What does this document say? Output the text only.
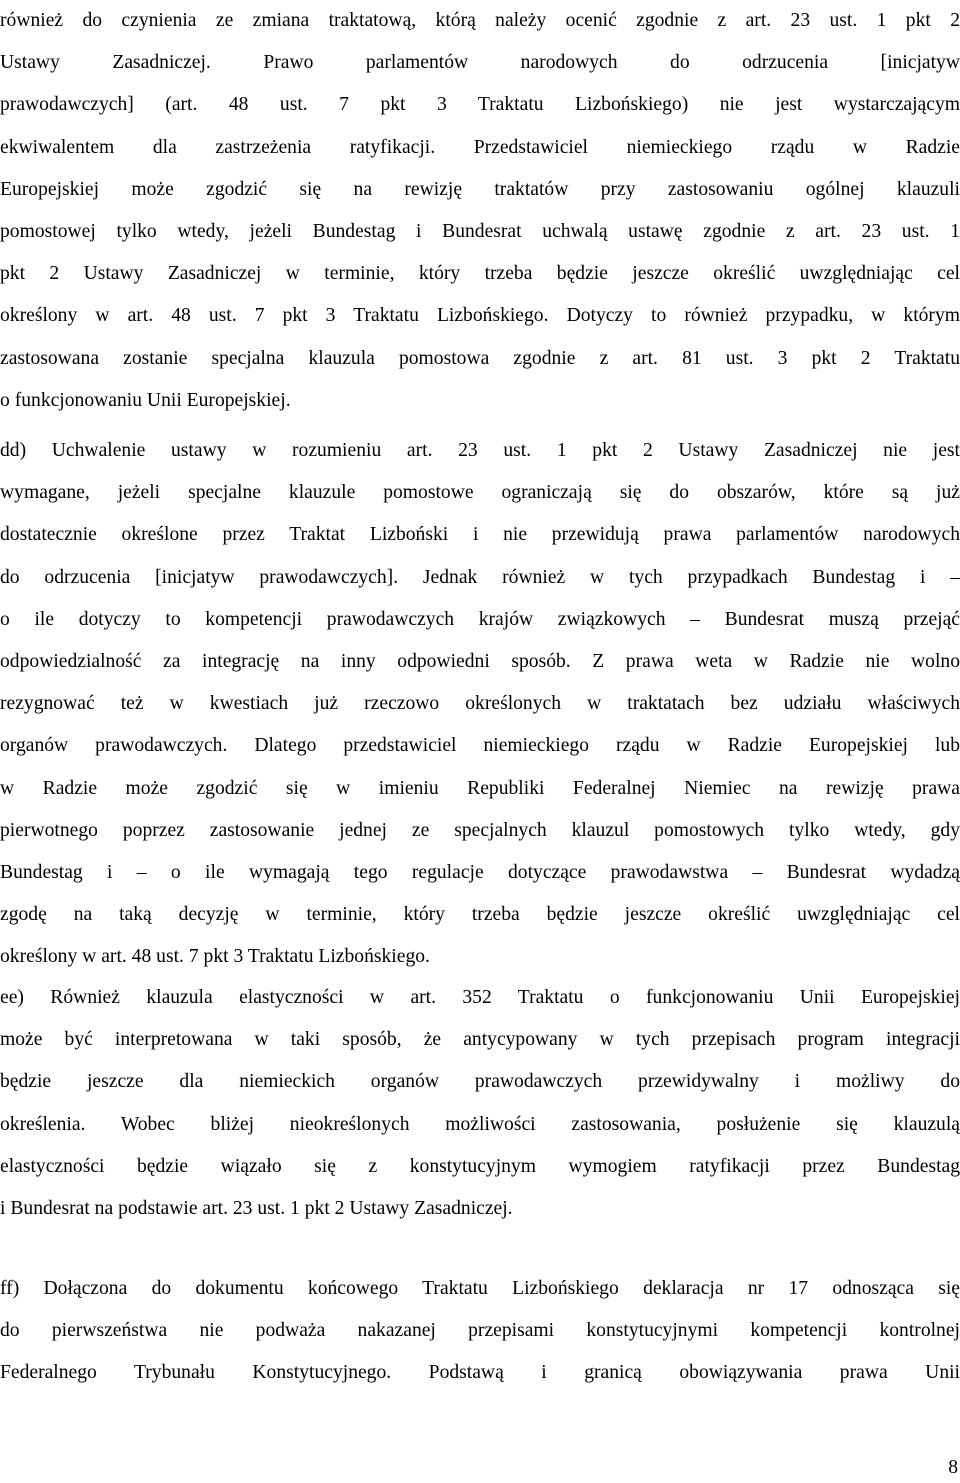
również do czynienia ze zmiana traktatową, którą należy ocenić zgodnie z art. 23 ust. 1 pkt 2
Ustawy Zasadniczej. Prawo parlamentów narodowych do odrzucenia [inicjatyw
prawodawczych] (art. 48 ust. 7 pkt 3 Traktatu Lizbońskiego) nie jest wystarczającym
ekwiwalentem dla zastrzeżenia ratyfikacji. Przedstawiciel niemieckiego rządu w Radzie
Europejskiej może zgodzić się na rewizję traktatów przy zastosowaniu ogólnej klauzuli
pomostowej tylko wtedy, jeżeli Bundestag i Bundesrat uchwalą ustawę zgodnie z art. 23 ust. 1
pkt 2 Ustawy Zasadniczej w terminie, który trzeba będzie jeszcze określić uwzględniając cel
określony w art. 48 ust. 7 pkt 3 Traktatu Lizbońskiego. Dotyczy to również przypadku, w którym
zastosowana zostanie specjalna klauzula pomostowa zgodnie z art. 81 ust. 3 pkt 2 Traktatu
o funkcjonowaniu Unii Europejskiej.
dd) Uchwalenie ustawy w rozumieniu art. 23 ust. 1 pkt 2 Ustawy Zasadniczej nie jest
wymagane, jeżeli specjalne klauzule pomostowe ograniczają się do obszarów, które są już
dostatecznie określone przez Traktat Lizboński i nie przewidują prawa parlamentów narodowych
do odrzucenia [inicjatyw prawodawczych]. Jednak również w tych przypadkach Bundestag i –
o ile dotyczy to kompetencji prawodawczych krajów związkowych – Bundesrat muszą przejąć
odpowiedzialność za integrację na inny odpowiedni sposób. Z prawa weta w Radzie nie wolno
rezygnować też w kwestiach już rzeczowo określonych w traktatach bez udziału właściwych
organów prawodawczych. Dlatego przedstawiciel niemieckiego rządu w Radzie Europejskiej lub
w Radzie może zgodzić się w imieniu Republiki Federalnej Niemiec na rewizję prawa
pierwotnego poprzez zastosowanie jednej ze specjalnych klauzul pomostowych tylko wtedy, gdy
Bundestag i – o ile wymagają tego regulacje dotyczące prawodawstwa – Bundesrat wydadzą
zgodę na taką decyzję w terminie, który trzeba będzie jeszcze określić uwzględniając cel
określony w art. 48 ust. 7 pkt 3 Traktatu Lizbońskiego.
ee) Również klauzula elastyczności w art. 352 Traktatu o funkcjonowaniu Unii Europejskiej
może być interpretowana w taki sposób, że antycypowany w tych przepisach program integracji
będzie jeszcze dla niemieckich organów prawodawczych przewidywalny i możliwy do
określenia. Wobec bliżej nieokreślonych możliwości zastosowania, posłużenie się klauzulą
elastyczności będzie wiązało się z konstytucyjnym wymogiem ratyfikacji przez Bundestag
i Bundesrat na podstawie art. 23 ust. 1 pkt 2 Ustawy Zasadniczej.
ff) Dołączona do dokumentu końcowego Traktatu Lizbońskiego deklaracja nr 17 odnosząca się
do pierwszeństwa nie podważa nakazanej przepisami konstytucyjnymi kompetencji kontrolnej
Federalnego Trybunału Konstytucyjnego. Podstawą i granicą obowiązywania prawa Unii
8
